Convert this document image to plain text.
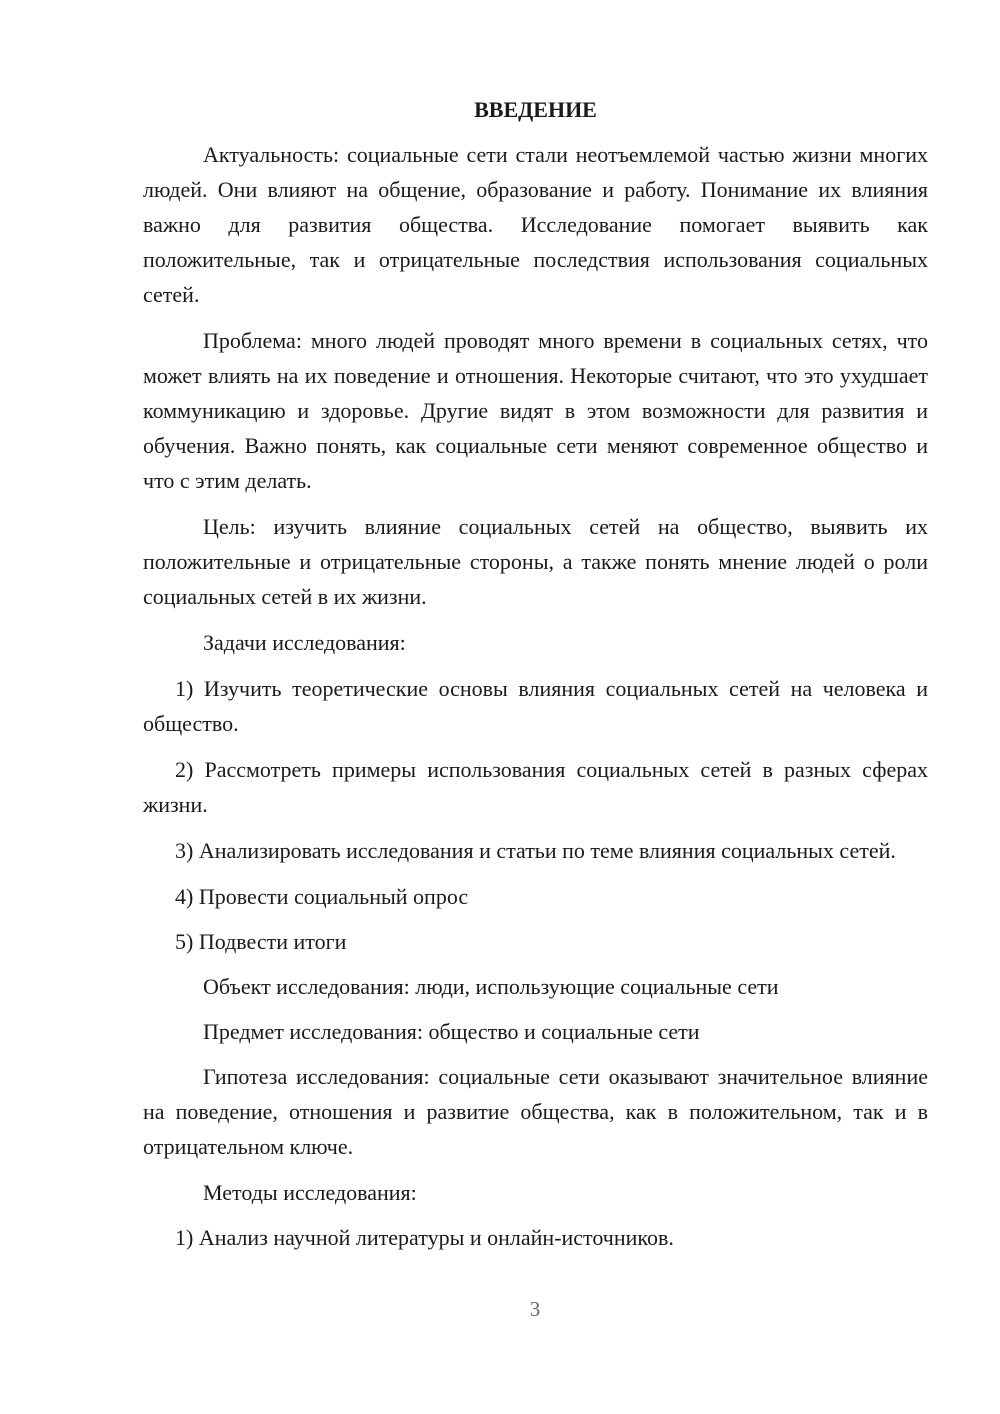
ВВЕДЕНИЕ

Актуальность: социальные сети стали неотъемлемой частью жизни многих людей. Они влияют на общение, образование и работу. Понимание их влияния важно для развития общества. Исследование помогает выявить как положительные, так и отрицательные последствия использования социальных сетей.

Проблема: много людей проводят много времени в социальных сетях, что может влиять на их поведение и отношения. Некоторые считают, что это ухудшает коммуникацию и здоровье. Другие видят в этом возможности для развития и обучения. Важно понять, как социальные сети меняют современное общество и что с этим делать.

Цель: изучить влияние социальных сетей на общество, выявить их положительные и отрицательные стороны, а также понять мнение людей о роли социальных сетей в их жизни.

Задачи исследования:

1) Изучить теоретические основы влияния социальных сетей на человека и общество.

2) Рассмотреть примеры использования социальных сетей в разных сферах жизни.

3) Анализировать исследования и статьи по теме влияния социальных сетей.

4) Провести социальный опрос

5) Подвести итоги

Объект исследования: люди, использующие социальные сети

Предмет исследования: общество и социальные сети

Гипотеза исследования: социальные сети оказывают значительное влияние на поведение, отношения и развитие общества, как в положительном, так и в отрицательном ключе.

Методы исследования:

1) Анализ научной литературы и онлайн-источников.

3
